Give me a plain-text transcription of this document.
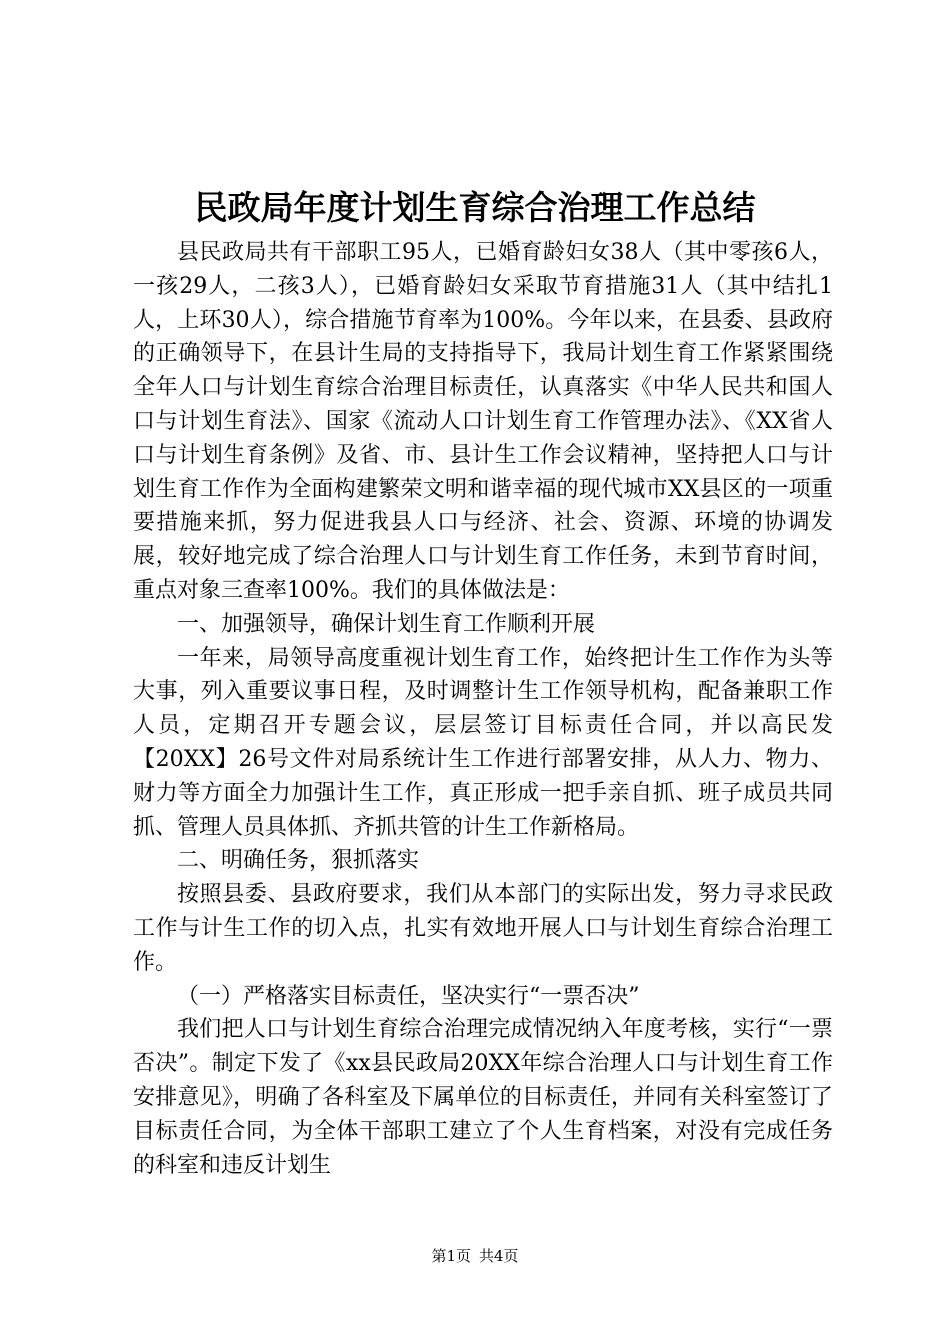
民政局年度计划生育综合治理工作总结

县民政局共有干部职工95人，已婚育龄妇女38人（其中零孩6人，一孩29人，二孩3人），已婚育龄妇女采取节育措施31人（其中结扎1人，上环30人），综合措施节育率为100%。今年以来，在县委、县政府的正确领导下，在县计生局的支持指导下，我局计划生育工作紧紧围绕全年人口与计划生育综合治理目标责任，认真落实《中华人民共和国人口与计划生育法》、国家《流动人口计划生育工作管理办法》、《XX省人口与计划生育条例》及省、市、县计生工作会议精神，坚持把人口与计划生育工作作为全面构建繁荣文明和谐幸福的现代城市XX县区的一项重要措施来抓，努力促进我县人口与经济、社会、资源、环境的协调发展，较好地完成了综合治理人口与计划生育工作任务，未到节育时间，重点对象三查率100%。我们的具体做法是：

一、加强领导，确保计划生育工作顺利开展

一年来，局领导高度重视计划生育工作，始终把计生工作作为头等大事，列入重要议事日程，及时调整计生工作领导机构，配备兼职工作人员，定期召开专题会议，层层签订目标责任合同，并以高民发【20XX】26号文件对局系统计生工作进行部署安排，从人力、物力、财力等方面全力加强计生工作，真正形成一把手亲自抓、班子成员共同抓、管理人员具体抓、齐抓共管的计生工作新格局。

二、明确任务，狠抓落实

按照县委、县政府要求，我们从本部门的实际出发，努力寻求民政工作与计生工作的切入点，扎实有效地开展人口与计划生育综合治理工作。

（一）严格落实目标责任，坚决实行“一票否决”

我们把人口与计划生育综合治理完成情况纳入年度考核，实行“一票否决”。制定下发了《xx县民政局20XX年综合治理人口与计划生育工作安排意见》，明确了各科室及下属单位的目标责任，并同有关科室签订了目标责任合同，为全体干部职工建立了个人生育档案，对没有完成任务的科室和违反计划生

第1页 共4页
